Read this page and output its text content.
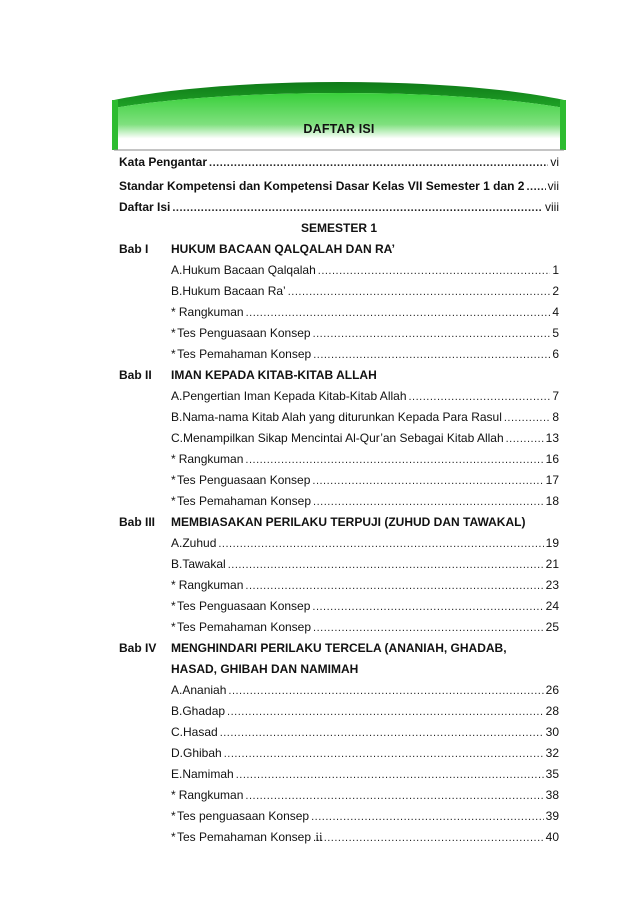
DAFTAR ISI
Kata Pengantar .....	vi
Standar Kompetensi dan Kompetensi Dasar Kelas VII Semester 1 dan 2 ..... vii
Daftar Isi .....	viii
SEMESTER 1
Bab I HUKUM BACAAN QALQALAH DAN RA’
A. Hukum Bacaan Qalqalah .....	1
B. Hukum Bacaan Ra’ .....	2
* Rangkuman .....	4
* Tes Penguasaan Konsep .....	5
* Tes Pemahaman Konsep .....	6
Bab II IMAN KEPADA KITAB-KITAB ALLAH
A. Pengertian Iman Kepada Kitab-Kitab Allah .....	7
B. Nama-nama Kitab Alah yang diturunkan Kepada Para Rasul .....	8
C. Menampilkan Sikap Mencintai Al-Qur’an Sebagai Kitab Allah .....	13
* Rangkuman .....	16
* Tes Penguasaan Konsep .....	17
* Tes Pemahaman Konsep .....	18
Bab III MEMBIASAKAN PERILAKU TERPUJI (ZUHUD DAN TAWAKAL)
A. Zuhud .....	19
B. Tawakal .....	21
* Rangkuman .....	23
* Tes Penguasaan Konsep .....	24
* Tes Pemahaman Konsep .....	25
Bab IV MENGHINDARI PERILAKU TERCELA (ANANIAH, GHADAB,
HASAD, GHIBAH DAN NAMIMAH
A. Ananiah .....	26
B. Ghadap .....	28
C. Hasad .....	30
D. Ghibah .....	32
E. Namimah .....	35
* Rangkuman .....	38
* Tes penguasaan Konsep .....	39
* Tes Pemahaman Konsep .....	40
ii
